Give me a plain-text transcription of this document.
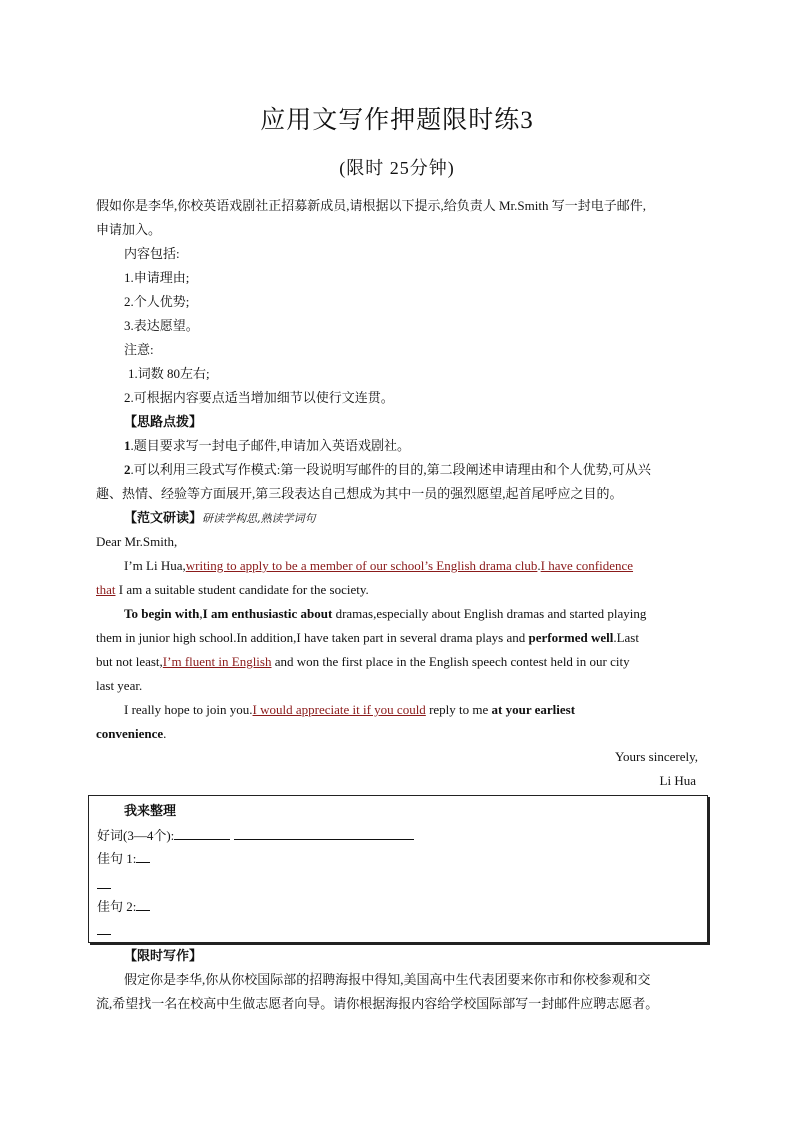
应用文写作押题限时练3
(限时 25分钟)
假如你是李华,你校英语戏剧社正招募新成员,请根据以下提示,给负责人 Mr.Smith 写一封电子邮件,
申请加入。
内容包括:
1.申请理由;
2.个人优势;
3.表达愿望。
注意:
1.词数 80左右;
2.可根据内容要点适当增加细节以使行文连贯。
【思路点拨】
1.题目要求写一封电子邮件,申请加入英语戏剧社。
2.可以利用三段式写作模式:第一段说明写邮件的目的,第二段阐述申请理由和个人优势,可从兴
趣、热情、经验等方面展开,第三段表达自己想成为其中一员的强烈愿望,起首尾呼应之目的。
【范文研读】研读学构思,熟读学词句
Dear Mr.Smith,
I’m Li Hua,writing to apply to be a member of our school’s English drama club.I have confidence
that I am a suitable student candidate for the society.
To begin with,I am enthusiastic about dramas,especially about English dramas and started playing
them in junior high school.In addition,I have taken part in several drama plays and performed well.Last
but not least,I’m fluent in English and won the first place in the English speech contest held in our city
last year.
I really hope to join you.I would appreciate it if you could reply to me at your earliest
convenience.
Yours sincerely,
Li Hua
我来整理
好词(3—4个):
佳句 1:
佳句 2:
【限时写作】
假定你是李华,你从你校国际部的招聘海报中得知,美国高中生代表团要来你市和你校参观和交
流,希望找一名在校高中生做志愿者向导。请你根据海报内容给学校国际部写一封邮件应聘志愿者。
